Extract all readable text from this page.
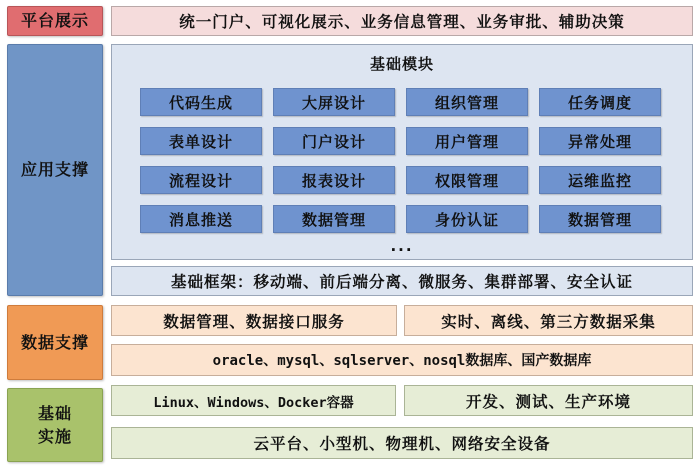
平台展示	统一门户、可视化展示、业务信息管理、业务审批、辅助决策
应用支撑
基础模块
代码生成	大屏设计	组织管理	任务调度
表单设计	门户设计	用户管理	异常处理
流程设计	报表设计	权限管理	运维监控
消息推送	数据管理	身份认证	数据管理
...
基础框架：移动端、前后端分离、微服务、集群部署、安全认证
数据支撑
数据管理、数据接口服务	实时、离线、第三方数据采集
oracle、mysql、sqlserver、nosql数据库、国产数据库
基础
实施
Linux、Windows、Docker容器	开发、测试、生产环境
云平台、小型机、物理机、网络安全设备
